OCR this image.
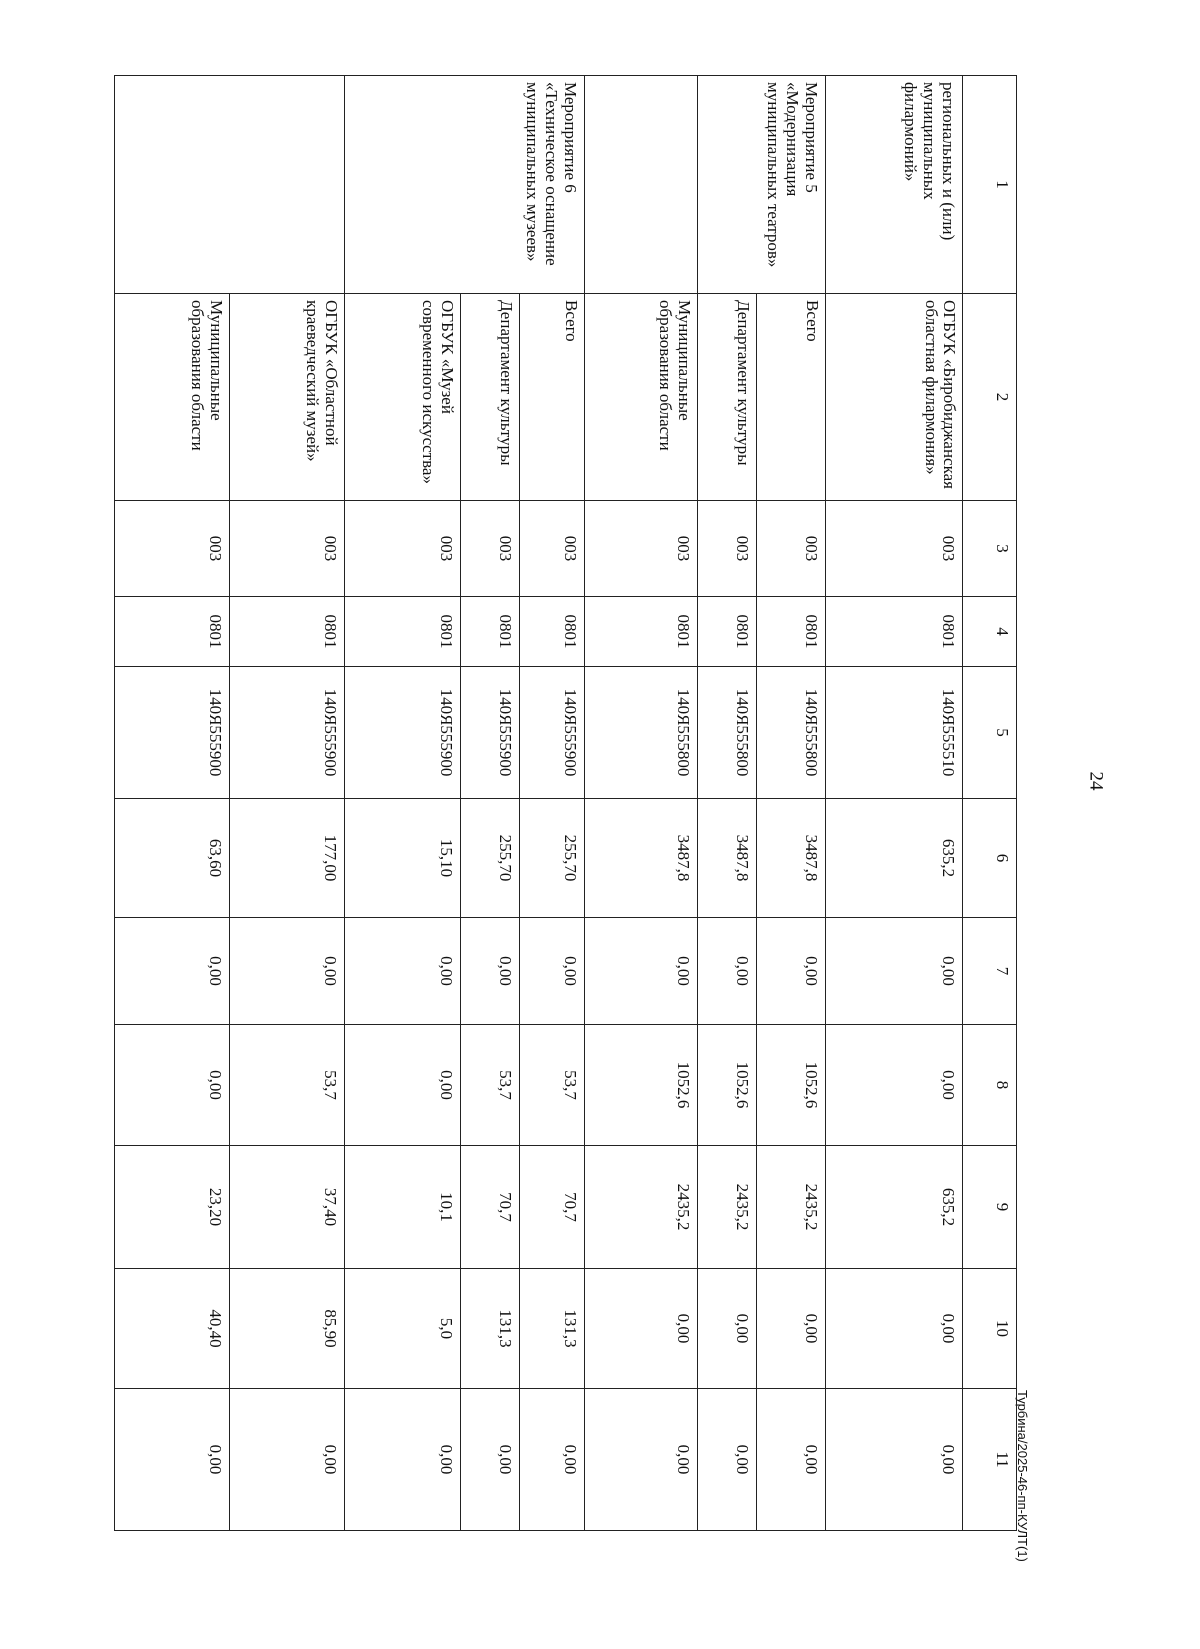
24
Турбина/2025-46-пп-КУЛТ(1)
1	2	3	4	5	6	7	8	9	10	11
региональных и (или) муниципальных филармоний»	ОГБУК «Биробиджанская областная филармония»	003	0801	140Я555510	635,2	0,00	0,00	635,2	0,00	0,00
Мероприятие 5 «Модернизация муниципальных театров»	Всего	003	0801	140Я555800	3487,8	0,00	1052,6	2435,2	0,00	0,00
	Департамент культуры	003	0801	140Я555800	3487,8	0,00	1052,6	2435,2	0,00	0,00
	Муниципальные образования области	003	0801	140Я555800	3487,8	0,00	1052,6	2435,2	0,00	0,00
Мероприятие 6 «Техническое оснащение муниципальных музеев»	Всего	003	0801	140Я555900	255,70	0,00	53,7	70,7	131,3	0,00
	Департамент культуры	003	0801	140Я555900	255,70	0,00	53,7	70,7	131,3	0,00
	ОГБУК «Музей современного искусства»	003	0801	140Я555900	15,10	0,00	0,00	10,1	5,0	0,00
	ОГБУК «Областной краеведческий музей»	003	0801	140Я555900	177,00	0,00	53,7	37,40	85,90	0,00
	Муниципальные образования области	003	0801	140Я555900	63,60	0,00	0,00	23,20	40,40	0,00
